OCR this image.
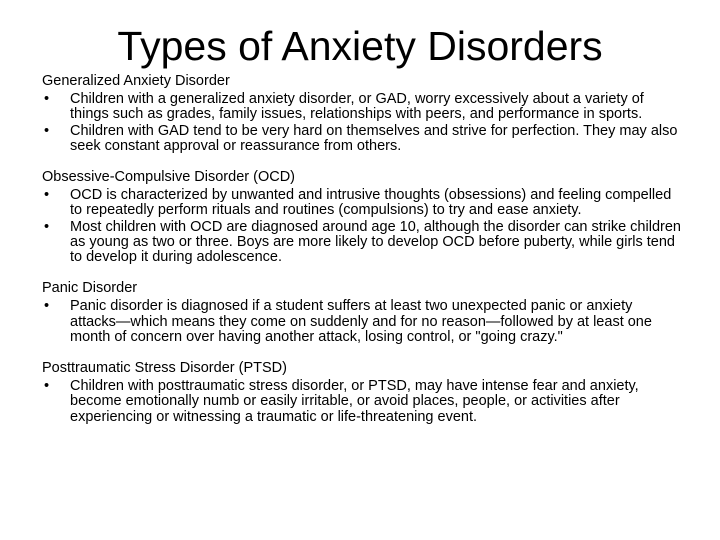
Types of Anxiety Disorders
Generalized Anxiety Disorder
• Children with a generalized anxiety disorder, or GAD, worry excessively about a variety of things such as grades, family issues, relationships with peers, and performance in sports.
• Children with GAD tend to be very hard on themselves and strive for perfection. They may also seek constant approval or reassurance from others.
Obsessive-Compulsive Disorder (OCD)
• OCD is characterized by unwanted and intrusive thoughts (obsessions) and feeling compelled to repeatedly perform rituals and routines (compulsions) to try and ease anxiety.
• Most children with OCD are diagnosed around age 10, although the disorder can strike children as young as two or three. Boys are more likely to develop OCD before puberty, while girls tend to develop it during adolescence.
Panic Disorder
• Panic disorder is diagnosed if a student suffers at least two unexpected panic or anxiety attacks—which means they come on suddenly and for no reason—followed by at least one month of concern over having another attack, losing control, or "going crazy."
Posttraumatic Stress Disorder (PTSD)
• Children with posttraumatic stress disorder, or PTSD, may have intense fear and anxiety, become emotionally numb or easily irritable, or avoid places, people, or activities after experiencing or witnessing a traumatic or life-threatening event.
